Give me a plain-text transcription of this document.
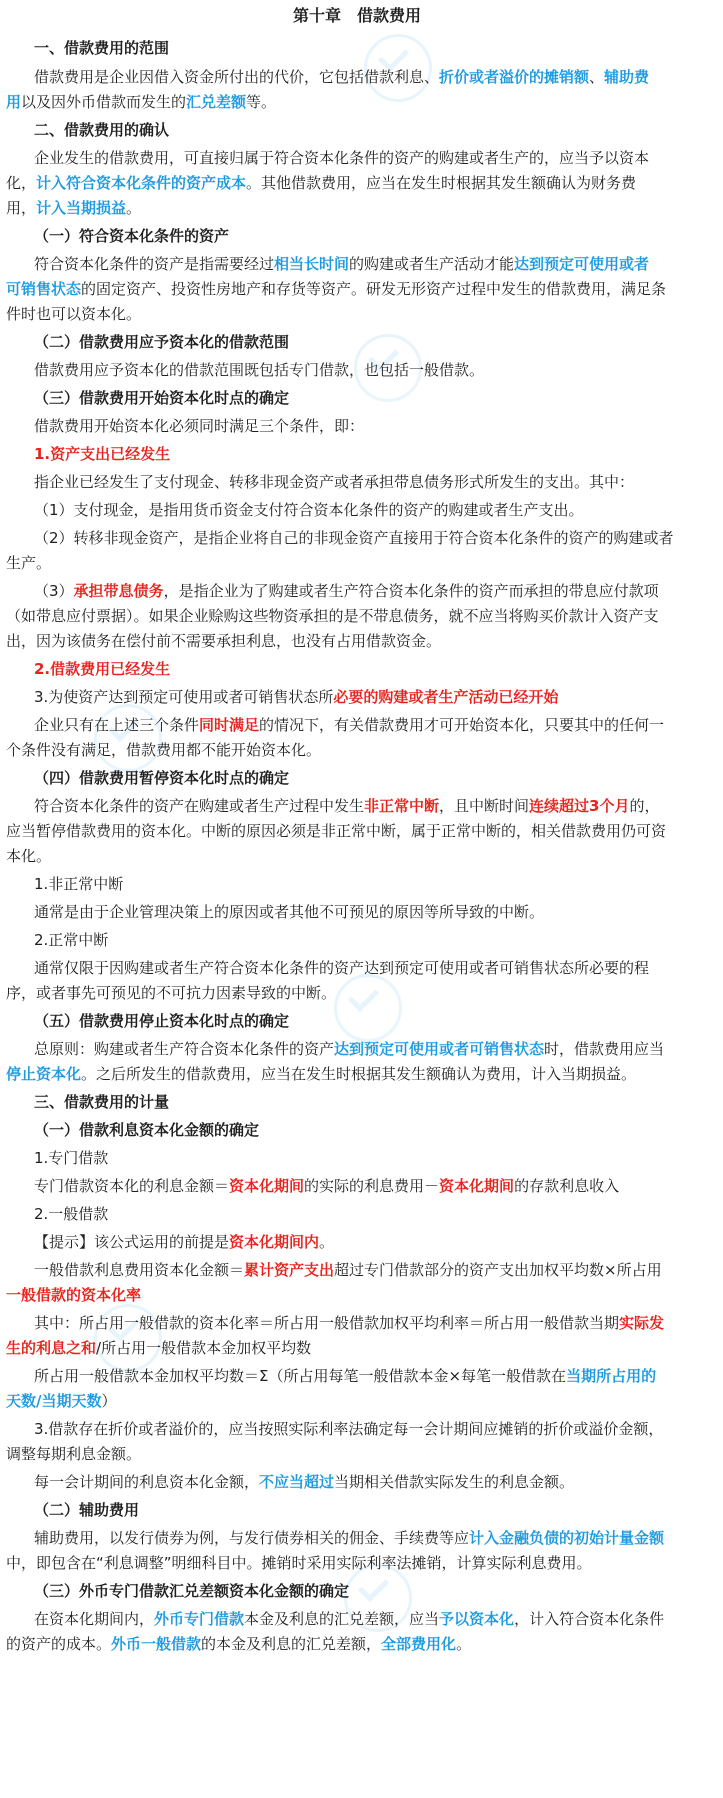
第十章　借款费用
一、借款费用的范围
借款费用是企业因借入资金所付出的代价，它包括借款利息、折价或者溢价的摊销额、辅助费
用以及因外币借款而发生的汇兑差额等。
二、借款费用的确认
企业发生的借款费用，可直接归属于符合资本化条件的资产的购建或者生产的，应当予以资本
化，计入符合资本化条件的资产成本。其他借款费用，应当在发生时根据其发生额确认为财务费
用，计入当期损益。
（一）符合资本化条件的资产
符合资本化条件的资产是指需要经过相当长时间的购建或者生产活动才能达到预定可使用或者
可销售状态的固定资产、投资性房地产和存货等资产。研发无形资产过程中发生的借款费用，满足条
件时也可以资本化。
（二）借款费用应予资本化的借款范围
借款费用应予资本化的借款范围既包括专门借款，也包括一般借款。
（三）借款费用开始资本化时点的确定
借款费用开始资本化必须同时满足三个条件，即：
1.资产支出已经发生
指企业已经发生了支付现金、转移非现金资产或者承担带息债务形式所发生的支出。其中：
（1）支付现金，是指用货币资金支付符合资本化条件的资产的购建或者生产支出。
（2）转移非现金资产，是指企业将自己的非现金资产直接用于符合资本化条件的资产的购建或者
生产。
（3）承担带息债务，是指企业为了购建或者生产符合资本化条件的资产而承担的带息应付款项
（如带息应付票据）。如果企业赊购这些物资承担的是不带息债务，就不应当将购买价款计入资产支
出，因为该债务在偿付前不需要承担利息，也没有占用借款资金。
2.借款费用已经发生
3.为使资产达到预定可使用或者可销售状态所必要的购建或者生产活动已经开始
企业只有在上述三个条件同时满足的情况下，有关借款费用才可开始资本化，只要其中的任何一
个条件没有满足，借款费用都不能开始资本化。
（四）借款费用暂停资本化时点的确定
符合资本化条件的资产在购建或者生产过程中发生非正常中断，且中断时间连续超过3个月的，
应当暂停借款费用的资本化。中断的原因必须是非正常中断，属于正常中断的，相关借款费用仍可资
本化。
1.非正常中断
通常是由于企业管理决策上的原因或者其他不可预见的原因等所导致的中断。
2.正常中断
通常仅限于因购建或者生产符合资本化条件的资产达到预定可使用或者可销售状态所必要的程
序，或者事先可预见的不可抗力因素导致的中断。
（五）借款费用停止资本化时点的确定
总原则：购建或者生产符合资本化条件的资产达到预定可使用或者可销售状态时，借款费用应当
停止资本化。之后所发生的借款费用，应当在发生时根据其发生额确认为费用，计入当期损益。
三、借款费用的计量
（一）借款利息资本化金额的确定
1.专门借款
专门借款资本化的利息金额＝资本化期间的实际的利息费用－资本化期间的存款利息收入
2.一般借款
【提示】该公式运用的前提是资本化期间内。
一般借款利息费用资本化金额＝累计资产支出超过专门借款部分的资产支出加权平均数×所占用
一般借款的资本化率
其中：所占用一般借款的资本化率＝所占用一般借款加权平均利率＝所占用一般借款当期实际发
生的利息之和/所占用一般借款本金加权平均数
所占用一般借款本金加权平均数＝Σ（所占用每笔一般借款本金×每笔一般借款在当期所占用的
天数/当期天数）
3.借款存在折价或者溢价的，应当按照实际利率法确定每一会计期间应摊销的折价或溢价金额，
调整每期利息金额。
每一会计期间的利息资本化金额，不应当超过当期相关借款实际发生的利息金额。
（二）辅助费用
辅助费用，以发行债券为例，与发行债券相关的佣金、手续费等应计入金融负债的初始计量金额
中，即包含在“利息调整”明细科目中。摊销时采用实际利率法摊销，计算实际利息费用。
（三）外币专门借款汇兑差额资本化金额的确定
在资本化期间内，外币专门借款本金及利息的汇兑差额，应当予以资本化，计入符合资本化条件
的资产的成本。外币一般借款的本金及利息的汇兑差额，全部费用化。
